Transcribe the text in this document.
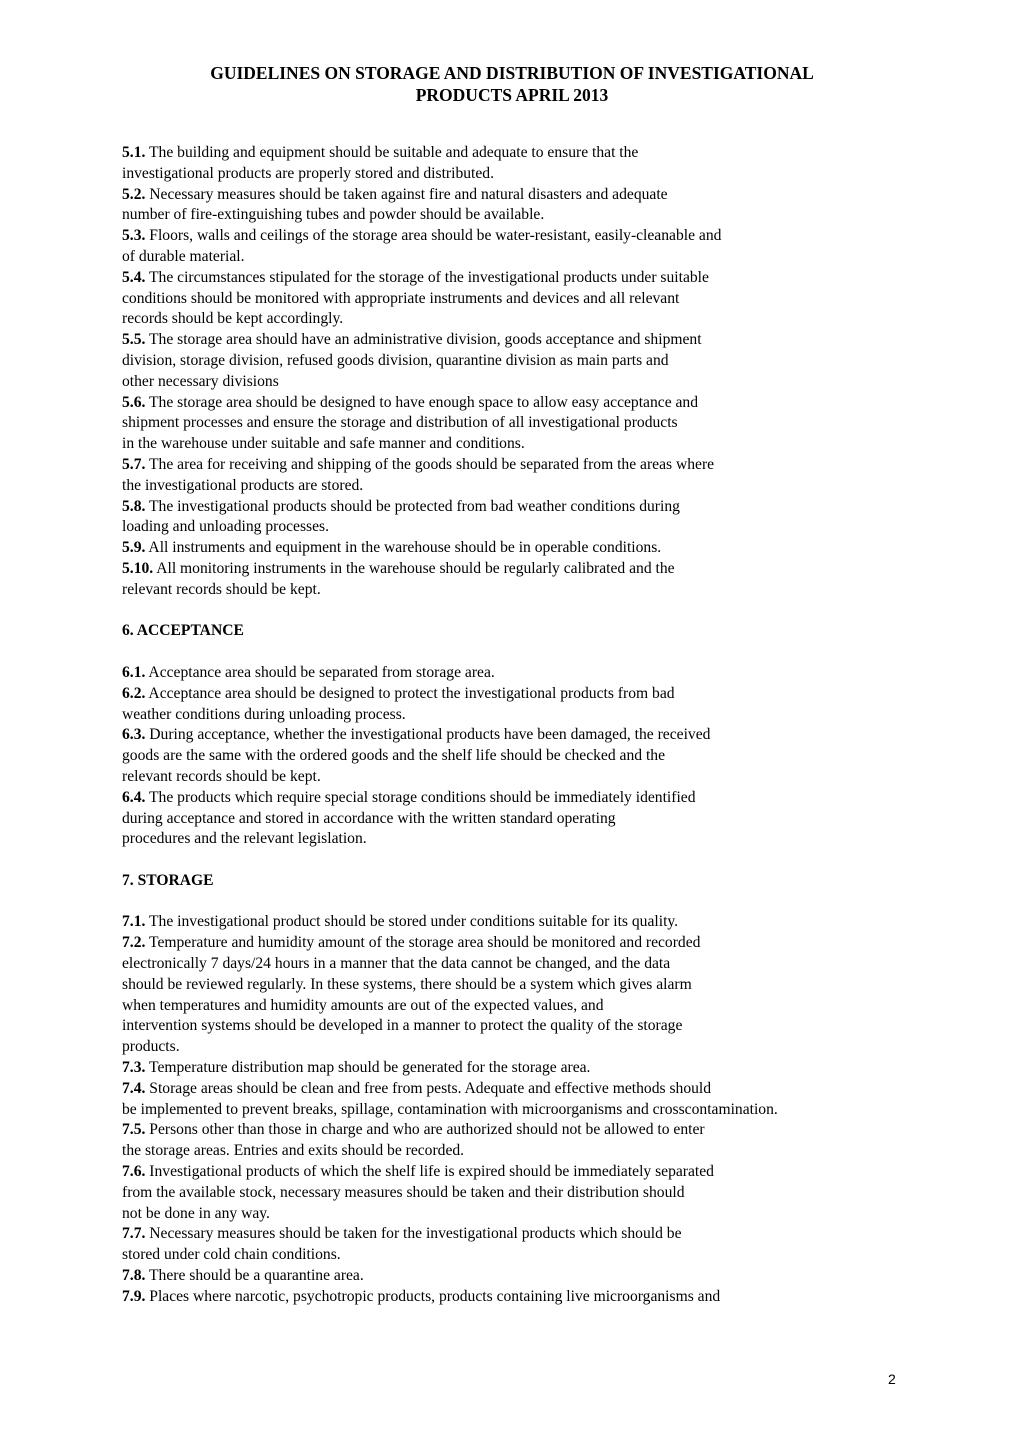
GUIDELINES ON STORAGE AND DISTRIBUTION OF INVESTIGATIONAL
PRODUCTS APRIL 2013
5.1. The building and equipment should be suitable and adequate to ensure that the
investigational products are properly stored and distributed.
5.2. Necessary measures should be taken against fire and natural disasters and adequate
number of fire-extinguishing tubes and powder should be available.
5.3. Floors, walls and ceilings of the storage area should be water-resistant, easily-cleanable and
of durable material.
5.4. The circumstances stipulated for the storage of the investigational products under suitable
conditions should be monitored with appropriate instruments and devices and all relevant
records should be kept accordingly.
5.5. The storage area should have an administrative division, goods acceptance and shipment
division, storage division, refused goods division, quarantine division as main parts and
other necessary divisions
5.6. The storage area should be designed to have enough space to allow easy acceptance and
shipment processes and ensure the storage and distribution of all investigational products
in the warehouse under suitable and safe manner and conditions.
5.7. The area for receiving and shipping of the goods should be separated from the areas where
the investigational products are stored.
5.8. The investigational products should be protected from bad weather conditions during
loading and unloading processes.
5.9. All instruments and equipment in the warehouse should be in operable conditions.
5.10. All monitoring instruments in the warehouse should be regularly calibrated and the
relevant records should be kept.
6. ACCEPTANCE
6.1. Acceptance area should be separated from storage area.
6.2. Acceptance area should be designed to protect the investigational products from bad
weather conditions during unloading process.
6.3. During acceptance, whether the investigational products have been damaged, the received
goods are the same with the ordered goods and the shelf life should be checked and the
relevant records should be kept.
6.4. The products which require special storage conditions should be immediately identified
during acceptance and stored in accordance with the written standard operating
procedures and the relevant legislation.
7. STORAGE
7.1. The investigational product should be stored under conditions suitable for its quality.
7.2. Temperature and humidity amount of the storage area should be monitored and recorded
electronically 7 days/24 hours in a manner that the data cannot be changed, and the data
should be reviewed regularly. In these systems, there should be a system which gives alarm
when temperatures and humidity amounts are out of the expected values, and
intervention systems should be developed in a manner to protect the quality of the storage
products.
7.3. Temperature distribution map should be generated for the storage area.
7.4. Storage areas should be clean and free from pests. Adequate and effective methods should
be implemented to prevent breaks, spillage, contamination with microorganisms and crosscontamination.
7.5. Persons other than those in charge and who are authorized should not be allowed to enter
the storage areas. Entries and exits should be recorded.
7.6. Investigational products of which the shelf life is expired should be immediately separated
from the available stock, necessary measures should be taken and their distribution should
not be done in any way.
7.7. Necessary measures should be taken for the investigational products which should be
stored under cold chain conditions.
7.8. There should be a quarantine area.
7.9. Places where narcotic, psychotropic products, products containing live microorganisms and
2
